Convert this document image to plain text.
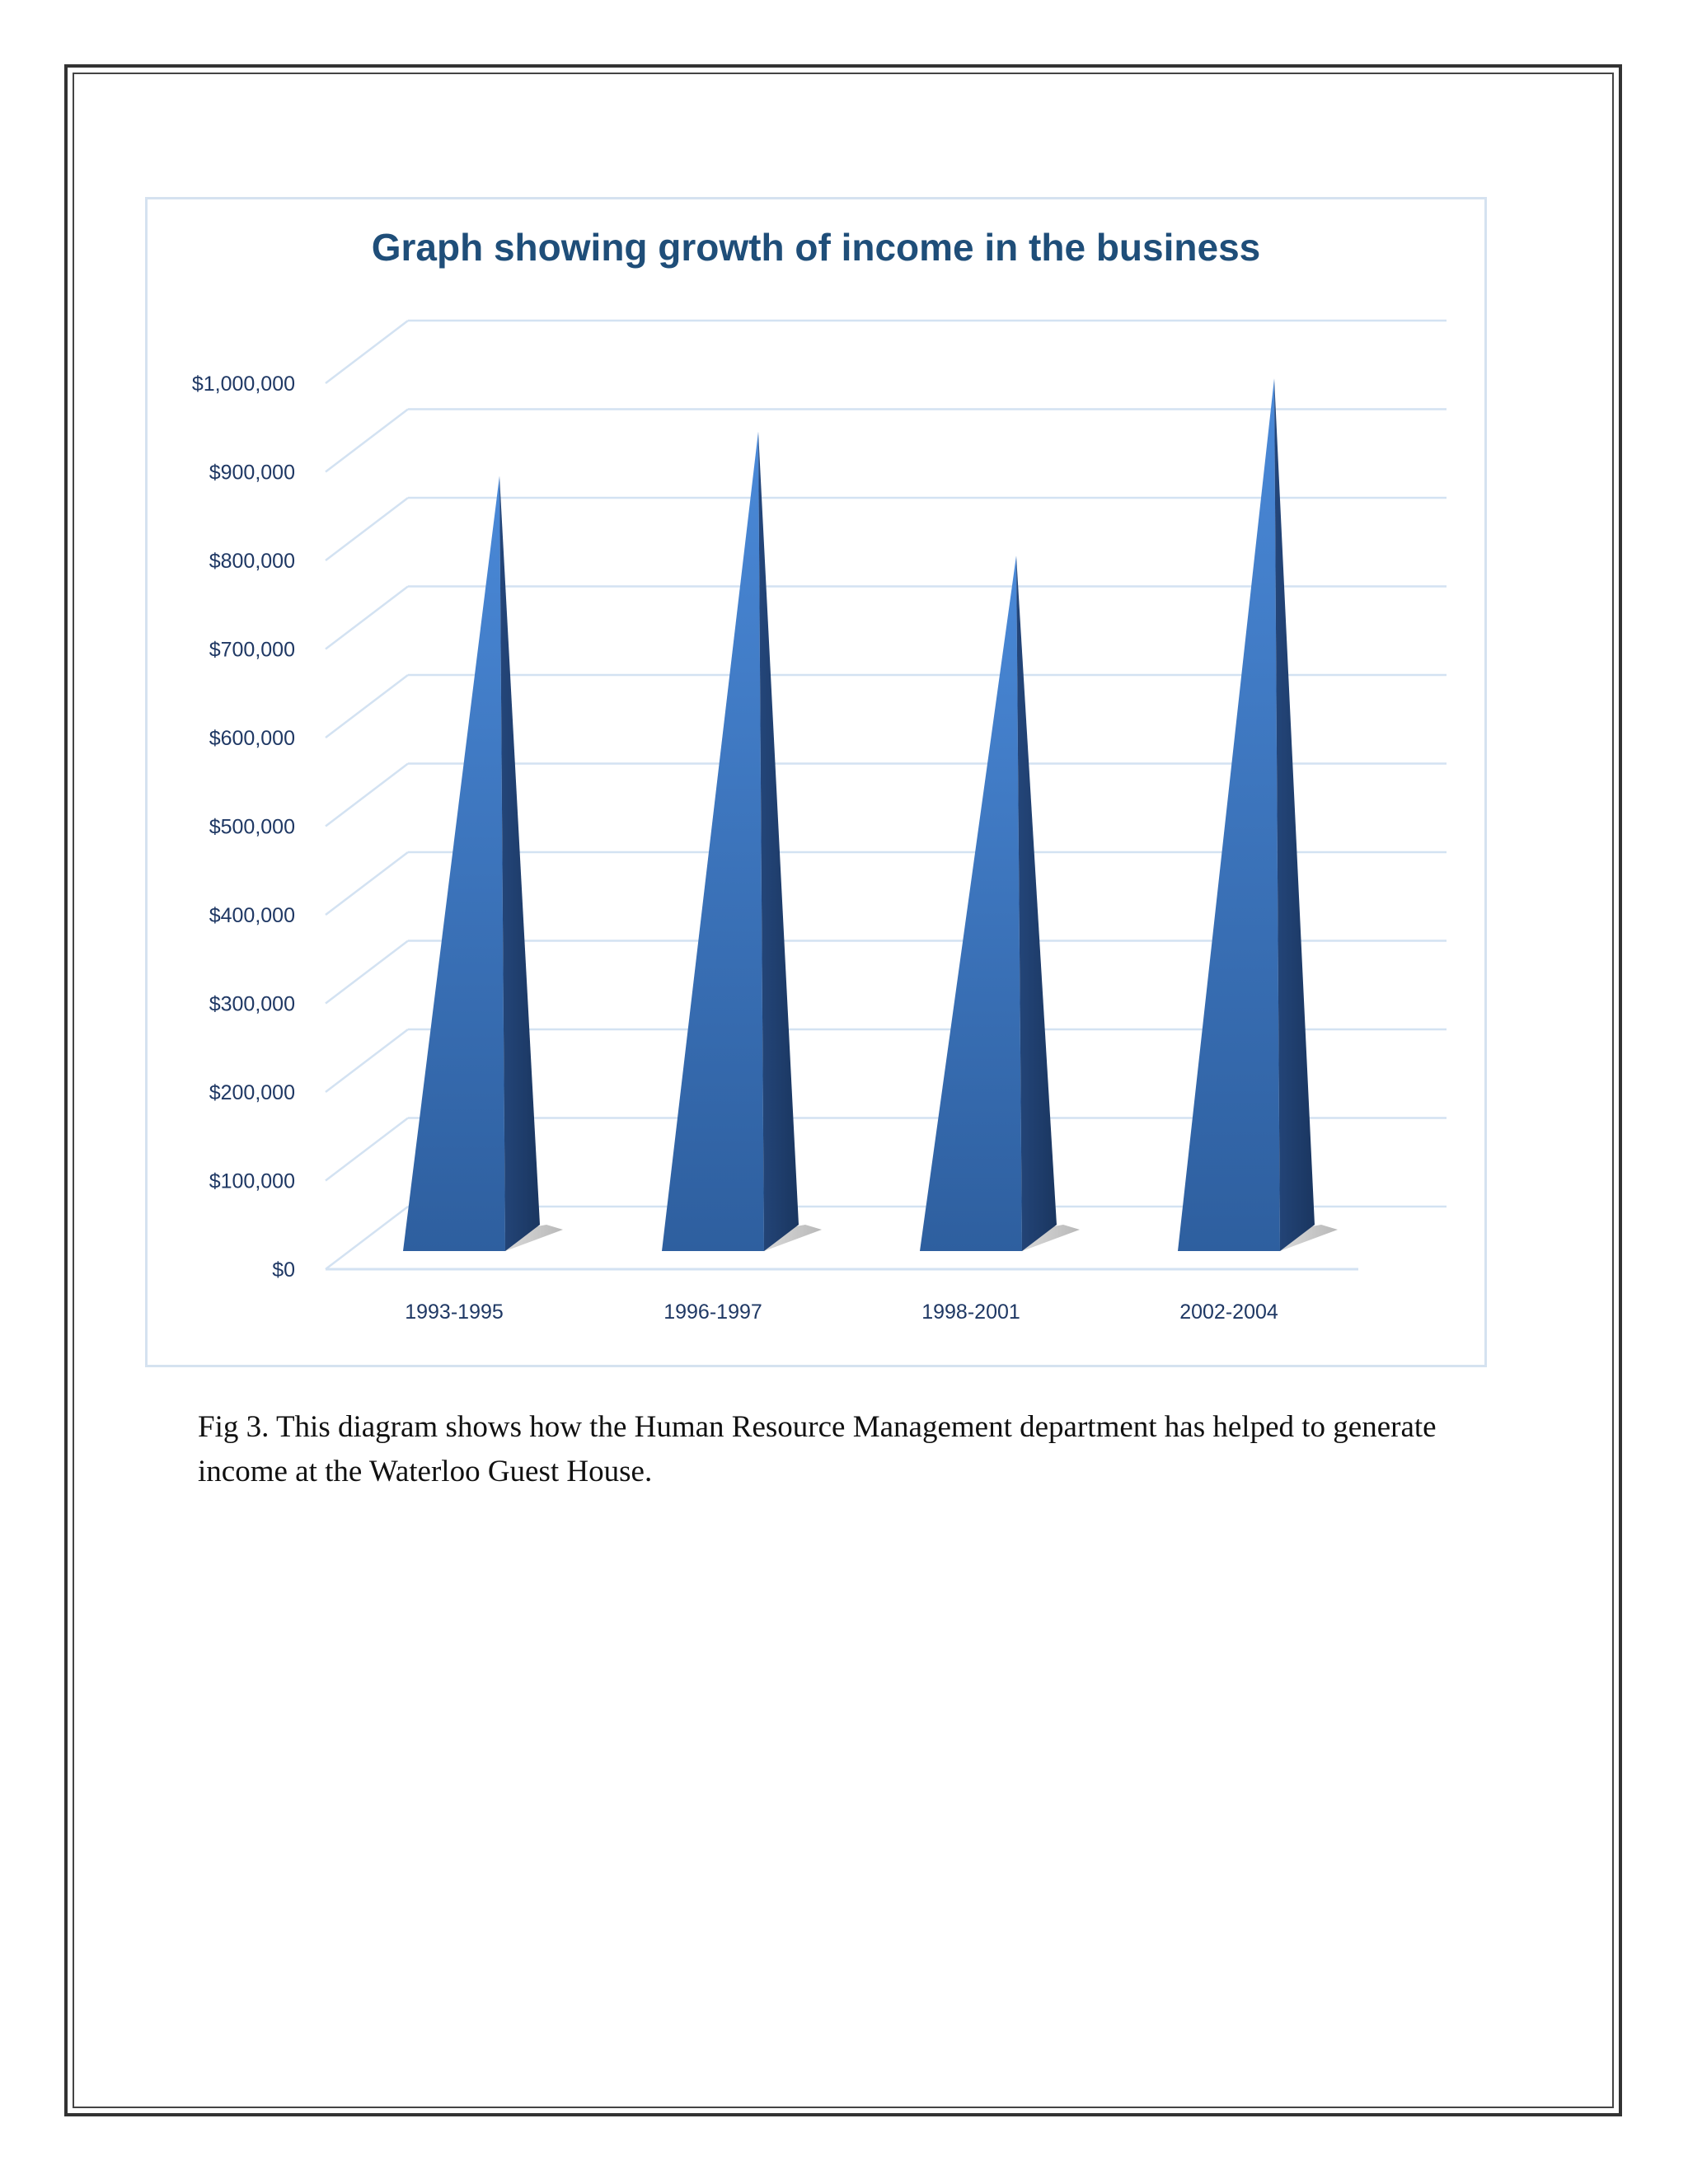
Graph showing growth of income in the business
$0
$100,000
$200,000
$300,000
$400,000
$500,000
$600,000
$700,000
$800,000
$900,000
$1,000,000
1993-1995	1996-1997	1998-2001	2002-2004

Fig 3. This diagram shows how the Human Resource Management department has helped to generate income at the Waterloo Guest House.
